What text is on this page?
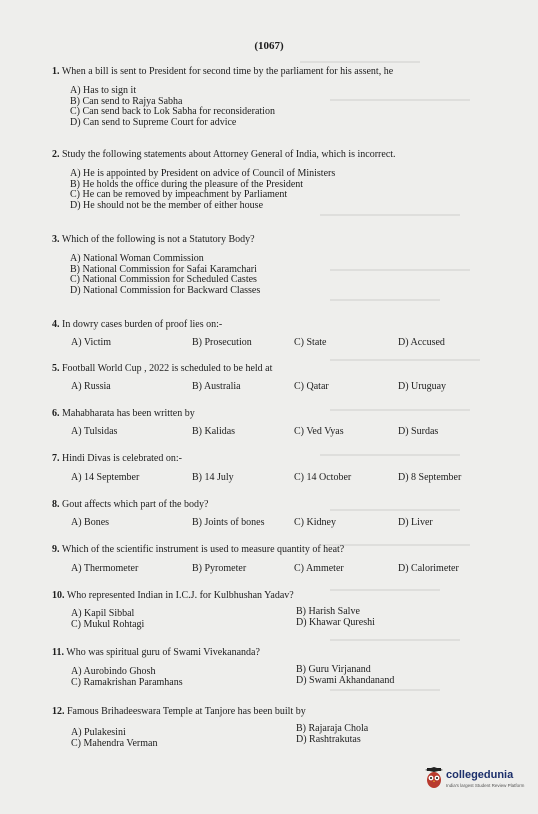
(1067)
1. When a bill is sent to President for second time by the parliament for his assent, he
A) Has to sign it
B) Can send to Rajya Sabha
C) Can send back to Lok Sabha for reconsideration
D) Can send to Supreme Court for advice
2. Study the following statements about Attorney General of India, which is incorrect.
A) He is appointed by President on advice of Council of Ministers
B) He holds the office during the pleasure of the President
C) He can be removed by impeachment by Parliament
D) He should not be the member of either house
3. Which of the following is not a Statutory Body?
A) National Woman Commission
B) National Commission for Safai Karamchari
C) National Commission for Scheduled Castes
D) National Commission for Backward Classes
4. In dowry cases burden of proof lies on:-
A) Victim	B) Prosecution	C) State	D) Accused
5. Football World Cup , 2022 is scheduled to be held at
A) Russia	B) Australia	C) Qatar	D) Uruguay
6. Mahabharata has been written by
A) Tulsidas	B) Kalidas	C) Ved Vyas	D) Surdas
7. Hindi Divas is celebrated on:-
A) 14 September	B) 14 July	C) 14 October	D) 8 September
8. Gout affects which part of the body?
A) Bones	B) Joints of bones	C) Kidney	D) Liver
9. Which of the scientific instrument is used to measure quantity of heat?
A) Thermometer	B) Pyrometer	C) Ammeter	D) Calorimeter
10. Who represented Indian in I.C.J. for Kulbhushan Yadav?
A) Kapil Sibbal	B) Harish Salve
C) Mukul Rohtagi	D) Khawar Qureshi
11. Who was spiritual guru of Swami Vivekananda?
A) Aurobindo Ghosh	B) Guru Virjanand
C) Ramakrishan Paramhans	D) Swami Akhandanand
12. Famous Brihadeeswara Temple at Tanjore has been built by
A) Pulakesini	B) Rajaraja Chola
C) Mahendra Verman	D) Rashtrakutas
collegedunia
India's largest Student Review Platform
